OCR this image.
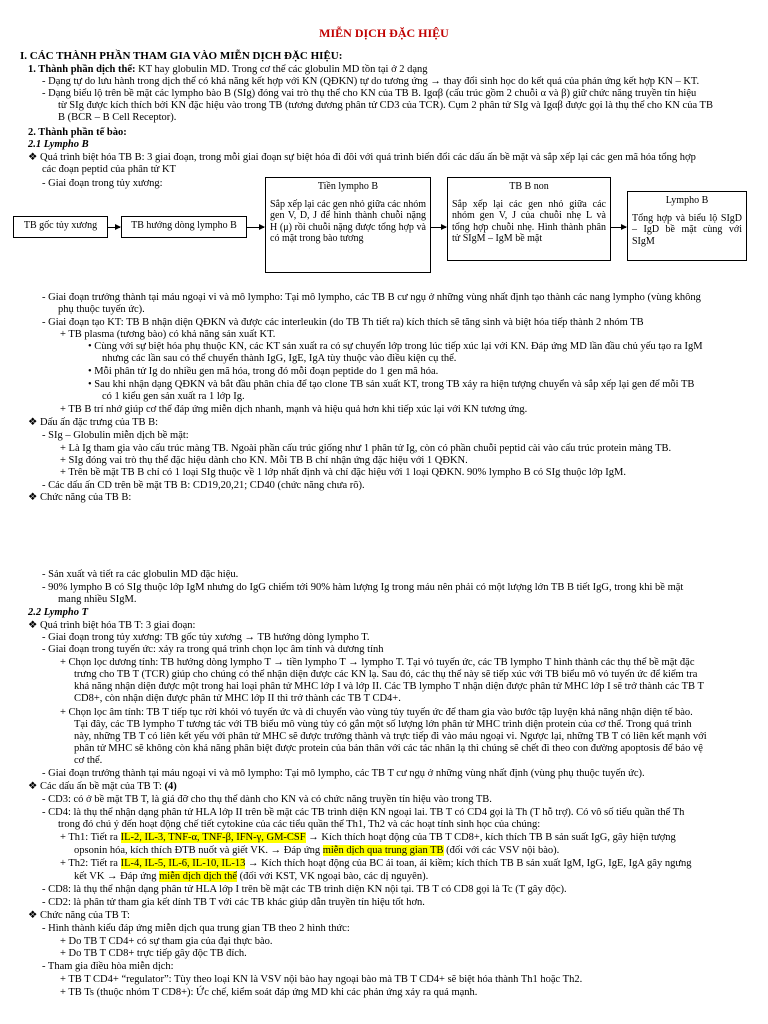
MIỄN DỊCH ĐẶC HIỆU
I. CÁC THÀNH PHẦN THAM GIA VÀO MIỄN DỊCH ĐẶC HIỆU:
1. Thành phần dịch thể: KT hay globulin MD. Trong cơ thể các globulin MD tồn tại ở 2 dạng
- Dạng tự do lưu hành trong dịch thể có khả năng kết hợp với KN (QĐKN) tự do tương ứng → thay đổi sinh học do kết quả của phản ứng kết hợp KN – KT.
- Dạng biểu lộ trên bề mặt các lympho bào B (SIg) đóng vai trò thụ thể cho KN của TB B. Igαβ (cấu trúc gồm 2 chuỗi α và β) giữ chức năng truyền tín hiệu
từ SIg được kích thích bởi KN đặc hiệu vào trong TB (tương đương phân tử CD3 của TCR). Cụm 2 phân tử SIg và Igαβ được gọi là thụ thể cho KN của TB
B (BCR – B Cell Receptor).
2. Thành phần tế bào:
2.1 Lympho B
❖ Quá trình biệt hóa TB B: 3 giai đoạn, trong mỗi giai đoạn sự biệt hóa đi đôi với quá trình biến đổi các dấu ấn bề mặt và sắp xếp lại các gen mã hóa tổng hợp
các đoạn peptid của phân tử KT
- Giai đoạn trong tủy xương:
TB gốc tủy xương	TB hướng dòng lympho B
Tiền lympho B
Sắp xếp lại các gen nhỏ giữa các nhóm gen V, D, J để hình thành chuỗi nặng H (μ) rồi chuỗi nặng được tổng hợp và có mặt trong bào tương
TB B non
Sắp xếp lại các gen nhỏ giữa các nhóm gen V, J của chuỗi nhẹ L và tổng hợp chuỗi nhẹ. Hình thành phân tử SIgM – IgM bề mặt
Lympho B
Tổng hợp và biểu lộ SIgD – IgD bề mặt cùng với SIgM
- Giai đoạn trưởng thành tại máu ngoại vi và mô lympho: Tại mô lympho, các TB B cư ngụ ở những vùng nhất định tạo thành các nang lympho (vùng không
phụ thuộc tuyến ức).
- Giai đoạn tạo KT: TB B nhận diện QĐKN và được các interleukin (do TB Th tiết ra) kích thích sẽ tăng sinh và biệt hóa tiếp thành 2 nhóm TB
+ TB plasma (tương bào) có khả năng sản xuất KT.
• Cùng với sự biệt hóa phụ thuộc KN, các KT sản xuất ra có sự chuyển lớp trong lúc tiếp xúc lại với KN. Đáp ứng MD lần đầu chủ yếu tạo ra IgM
nhưng các lần sau có thể chuyển thành IgG, IgE, IgA tùy thuộc vào điều kiện cụ thể.
• Mỗi phân tử Ig do nhiều gen mã hóa, trong đó mỗi đoạn peptide do 1 gen mã hóa.
• Sau khi nhận dạng QĐKN và bắt đầu phân chia để tạo clone TB sản xuất KT, trong TB xảy ra hiện tượng chuyển và sắp xếp lại gen để mỗi TB
có 1 kiểu gen sản xuất ra 1 lớp Ig.
+ TB B trí nhớ giúp cơ thể đáp ứng miễn dịch nhanh, mạnh và hiệu quả hơn khi tiếp xúc lại với KN tương ứng.
❖ Dấu ấn đặc trưng của TB B:
- SIg – Globulin miễn dịch bề mặt:
+ Là Ig tham gia vào cấu trúc màng TB. Ngoài phần cấu trúc giống như 1 phân tử Ig, còn có phần chuỗi peptid cài vào cấu trúc protein màng TB.
+ SIg đóng vai trò thụ thể đặc hiệu dành cho KN. Mỗi TB B chỉ nhận ứng đặc hiệu với 1 QĐKN.
+ Trên bề mặt TB B chỉ có 1 loại SIg thuộc về 1 lớp nhất định và chỉ đặc hiệu với 1 loại QĐKN. 90% lympho B có SIg thuộc lớp IgM.
- Các dấu ấn CD trên bề mặt TB B: CD19,20,21; CD40 (chức năng chưa rõ).
❖ Chức năng của TB B:
- Sản xuất và tiết ra các globulin MD đặc hiệu.
- 90% lympho B có SIg thuộc lớp IgM nhưng do IgG chiếm tới 90% hàm lượng Ig trong máu nên phải có một lượng lớn TB B tiết IgG, trong khi bề mặt
mang nhiều SIgM.
2.2 Lympho T
❖ Quá trình biệt hóa TB T: 3 giai đoạn:
- Giai đoạn trong tủy xương: TB gốc tủy xương → TB hướng dòng lympho T.
- Giai đoạn trong tuyến ức: xảy ra trong quá trình chọn lọc âm tính và dương tính
+ Chọn lọc dương tính: TB hướng dòng lympho T → tiền lympho T → lympho T. Tại vỏ tuyến ức, các TB lympho T hình thành các thụ thể bề mặt đặc
trưng cho TB T (TCR) giúp cho chúng có thể nhận diện được các KN lạ. Sau đó, các thụ thể này sẽ tiếp xúc với TB biểu mô vỏ tuyến ức để kiểm tra
khả năng nhận diện được một trong hai loại phân tử MHC lớp I và lớp II. Các TB lympho T nhận diện được phân tử MHC lớp I sẽ trở thành các TB T
CD8+, còn nhận diện được phân tử MHC lớp II thì trở thành các TB T CD4+.
+ Chọn lọc âm tính: TB T tiếp tục rời khỏi vỏ tuyến ức và di chuyển vào vùng tủy tuyến ức để tham gia vào bước tập luyện khả năng nhận diện tế bào.
Tại đây, các TB lympho T tương tác với TB biểu mô vùng tủy có gắn một số lượng lớn phân tử MHC trình diện protein của cơ thể. Trong quá trình
này, những TB T có liên kết yếu với phân tử MHC sẽ được trưởng thành và trực tiếp đi vào máu ngoại vi. Ngược lại, những TB T có liên kết mạnh với
phân tử MHC sẽ không còn khả năng phân biệt được protein của bản thân với các tác nhân lạ thì chúng sẽ chết đi theo con đường apoptosis để bảo vệ
cơ thể.
- Giai đoạn trưởng thành tại máu ngoại vi và mô lympho: Tại mô lympho, các TB T cư ngụ ở những vùng nhất định (vùng phụ thuộc tuyến ức).
❖ Các dấu ấn bề mặt của TB T: (4)
- CD3: có ở bề mặt TB T, là giá đỡ cho thụ thể dành cho KN và có chức năng truyền tín hiệu vào trong TB.
- CD4: là thụ thể nhận dạng phân tử HLA lớp II trên bề mặt các TB trình diện KN ngoại lai. TB T có CD4 gọi là Th (T hỗ trợ). Có vô số tiểu quần thể Th
trong đó chú ý đến hoạt động chế tiết cytokine của các tiểu quần thể Th1, Th2 và các hoạt tính sinh học của chúng:
+ Th1: Tiết ra IL-2, IL-3, TNF-α, TNF-β, IFN-γ, GM-CSF → Kích thích hoạt động của TB T CD8+, kích thích TB B sản suất IgG, gây hiện tượng
opsonin hóa, kích thích ĐTB nuốt và giết VK. → Đáp ứng miễn dịch qua trung gian TB (đối với các VSV nội bào).
+ Th2: Tiết ra IL-4, IL-5, IL-6, IL-10, IL-13 → Kích thích hoạt động của BC ái toan, ái kiềm; kích thích TB B sản xuất IgM, IgG, IgE, IgA gây ngưng
kết VK → Đáp ứng miễn dịch dịch thể (đối với KST, VK ngoại bào, các dị nguyên).
- CD8: là thụ thể nhận dạng phân tử HLA lớp I trên bề mặt các TB trình diện KN nội tại. TB T có CD8 gọi là Tc (T gây độc).
- CD2: là phân tử tham gia kết dính TB T với các TB khác giúp dẫn truyền tín hiệu tốt hơn.
❖ Chức năng của TB T:
- Hình thành kiểu đáp ứng miễn dịch qua trung gian TB theo 2 hình thức:
+ Do TB T CD4+ có sự tham gia của đại thực bào.
+ Do TB T CD8+ trực tiếp gây độc TB đích.
- Tham gia điều hòa miễn dịch:
+ TB T CD4+ “regulator”: Tùy theo loại KN là VSV nội bào hay ngoại bào mà TB T CD4+ sẽ biệt hóa thành Th1 hoặc Th2.
+ TB Ts (thuộc nhóm T CD8+): Ức chế, kiểm soát đáp ứng MD khi các phản ứng xảy ra quá mạnh.
